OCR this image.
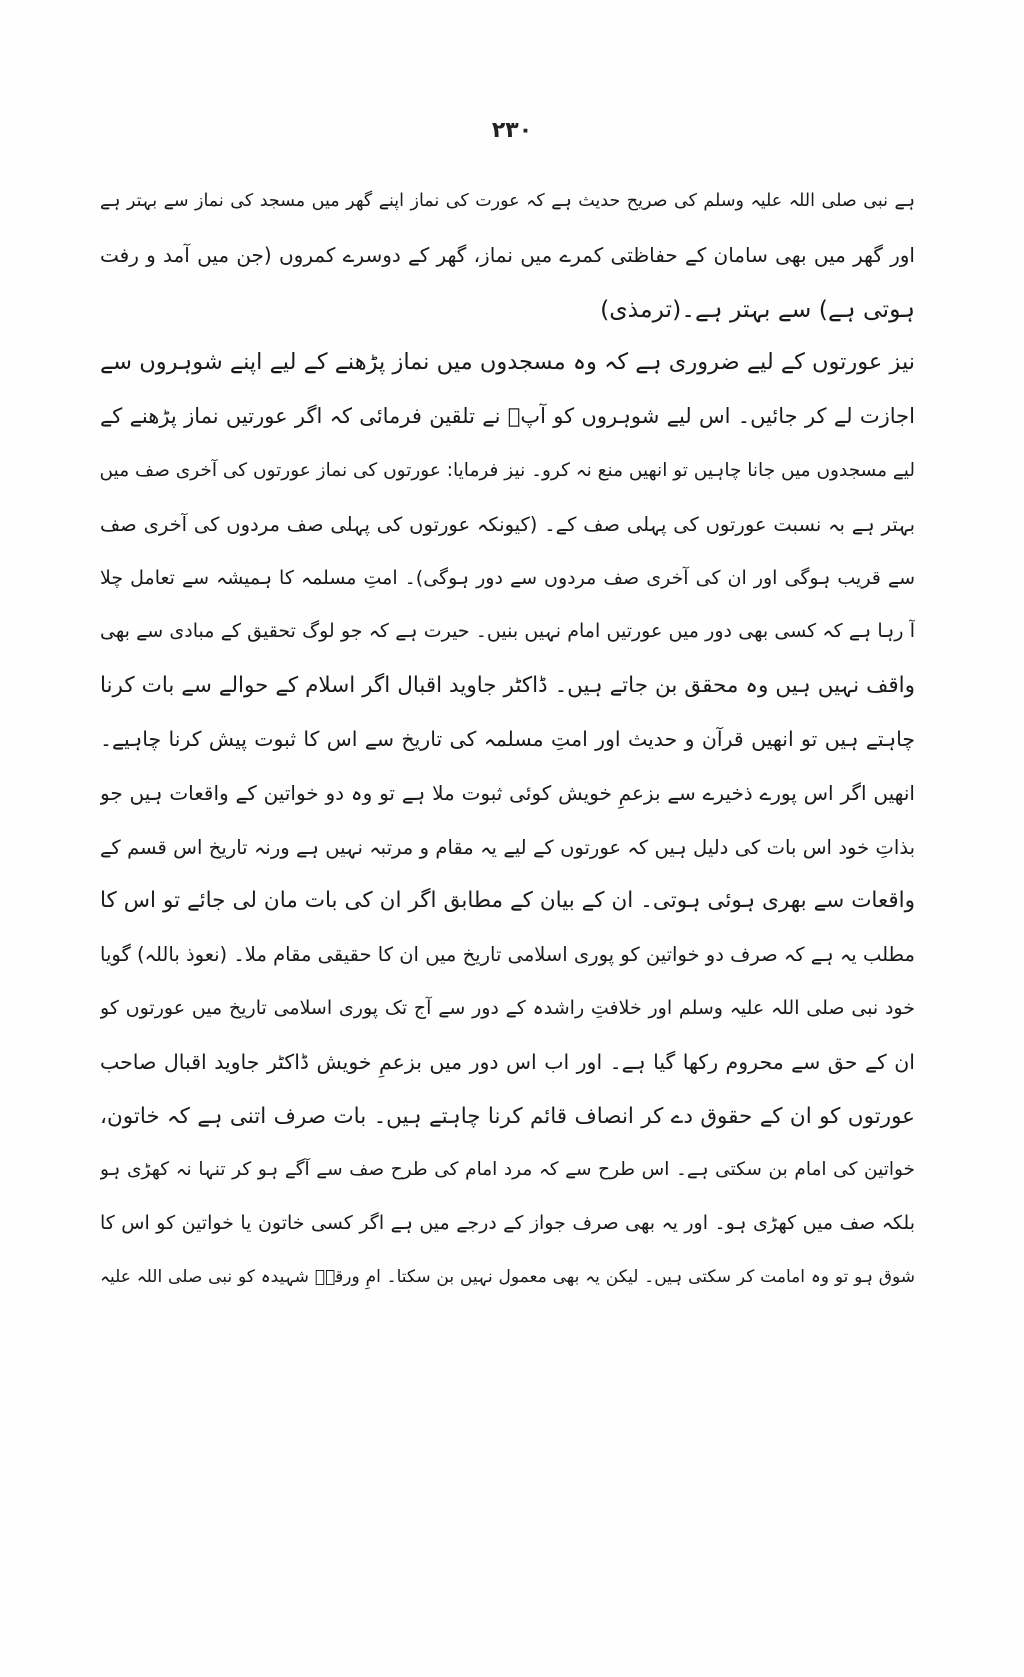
۲۳۰
ہے نبی صلی اللہ علیہ وسلم کی صریح حدیث ہے کہ عورت کی نماز اپنے گھر میں مسجد کی نماز سے بہتر ہے
اور گھر میں بھی سامان کے حفاظتی کمرے میں نماز، گھر کے دوسرے کمروں (جن میں آمد و رفت
ہوتی ہے) سے بہتر ہے۔(ترمذی)
نیز عورتوں کے لیے ضروری ہے کہ وہ مسجدوں میں نماز پڑھنے کے لیے اپنے شوہروں سے
اجازت لے کر جائیں۔ اس لیے شوہروں کو آپؐ نے تلقین فرمائی کہ اگر عورتیں نماز پڑھنے کے
لیے مسجدوں میں جانا چاہیں تو انھیں منع نہ کرو۔ نیز فرمایا: عورتوں کی نماز عورتوں کی آخری صف میں
بہتر ہے بہ نسبت عورتوں کی پہلی صف کے۔ (کیونکہ عورتوں کی پہلی صف مردوں کی آخری صف
سے قریب ہوگی اور ان کی آخری صف مردوں سے دور ہوگی)۔ امتِ مسلمہ کا ہمیشہ سے تعامل چلا
آ رہا ہے کہ کسی بھی دور میں عورتیں امام نہیں بنیں۔ حیرت ہے کہ جو لوگ تحقیق کے مبادی سے بھی
واقف نہیں ہیں وہ محقق بن جاتے ہیں۔ ڈاکٹر جاوید اقبال اگر اسلام کے حوالے سے بات کرنا
چاہتے ہیں تو انھیں قرآن و حدیث اور امتِ مسلمہ کی تاریخ سے اس کا ثبوت پیش کرنا چاہیے۔
انھیں اگر اس پورے ذخیرے سے بزعمِ خویش کوئی ثبوت ملا ہے تو وہ دو خواتین کے واقعات ہیں جو
بذاتِ خود اس بات کی دلیل ہیں کہ عورتوں کے لیے یہ مقام و مرتبہ نہیں ہے ورنہ تاریخ اس قسم کے
واقعات سے بھری ہوئی ہوتی۔ ان کے بیان کے مطابق اگر ان کی بات مان لی جائے تو اس کا
مطلب یہ ہے کہ صرف دو خواتین کو پوری اسلامی تاریخ میں ان کا حقیقی مقام ملا۔ (نعوذ باللہ) گویا
خود نبی صلی اللہ علیہ وسلم اور خلافتِ راشدہ کے دور سے آج تک پوری اسلامی تاریخ میں عورتوں کو
ان کے حق سے محروم رکھا گیا ہے۔ اور اب اس دور میں بزعمِ خویش ڈاکٹر جاوید اقبال صاحب
عورتوں کو ان کے حقوق دے کر انصاف قائم کرنا چاہتے ہیں۔ بات صرف اتنی ہے کہ خاتون،
خواتین کی امام بن سکتی ہے۔ اس طرح سے کہ مرد امام کی طرح صف سے آگے ہو کر تنہا نہ کھڑی ہو
بلکہ صف میں کھڑی ہو۔ اور یہ بھی صرف جواز کے درجے میں ہے اگر کسی خاتون یا خواتین کو اس کا
شوق ہو تو وہ امامت کر سکتی ہیں۔ لیکن یہ بھی معمول نہیں بن سکتا۔ امِ ورقہؓ شہیدہ کو نبی صلی اللہ علیہ
